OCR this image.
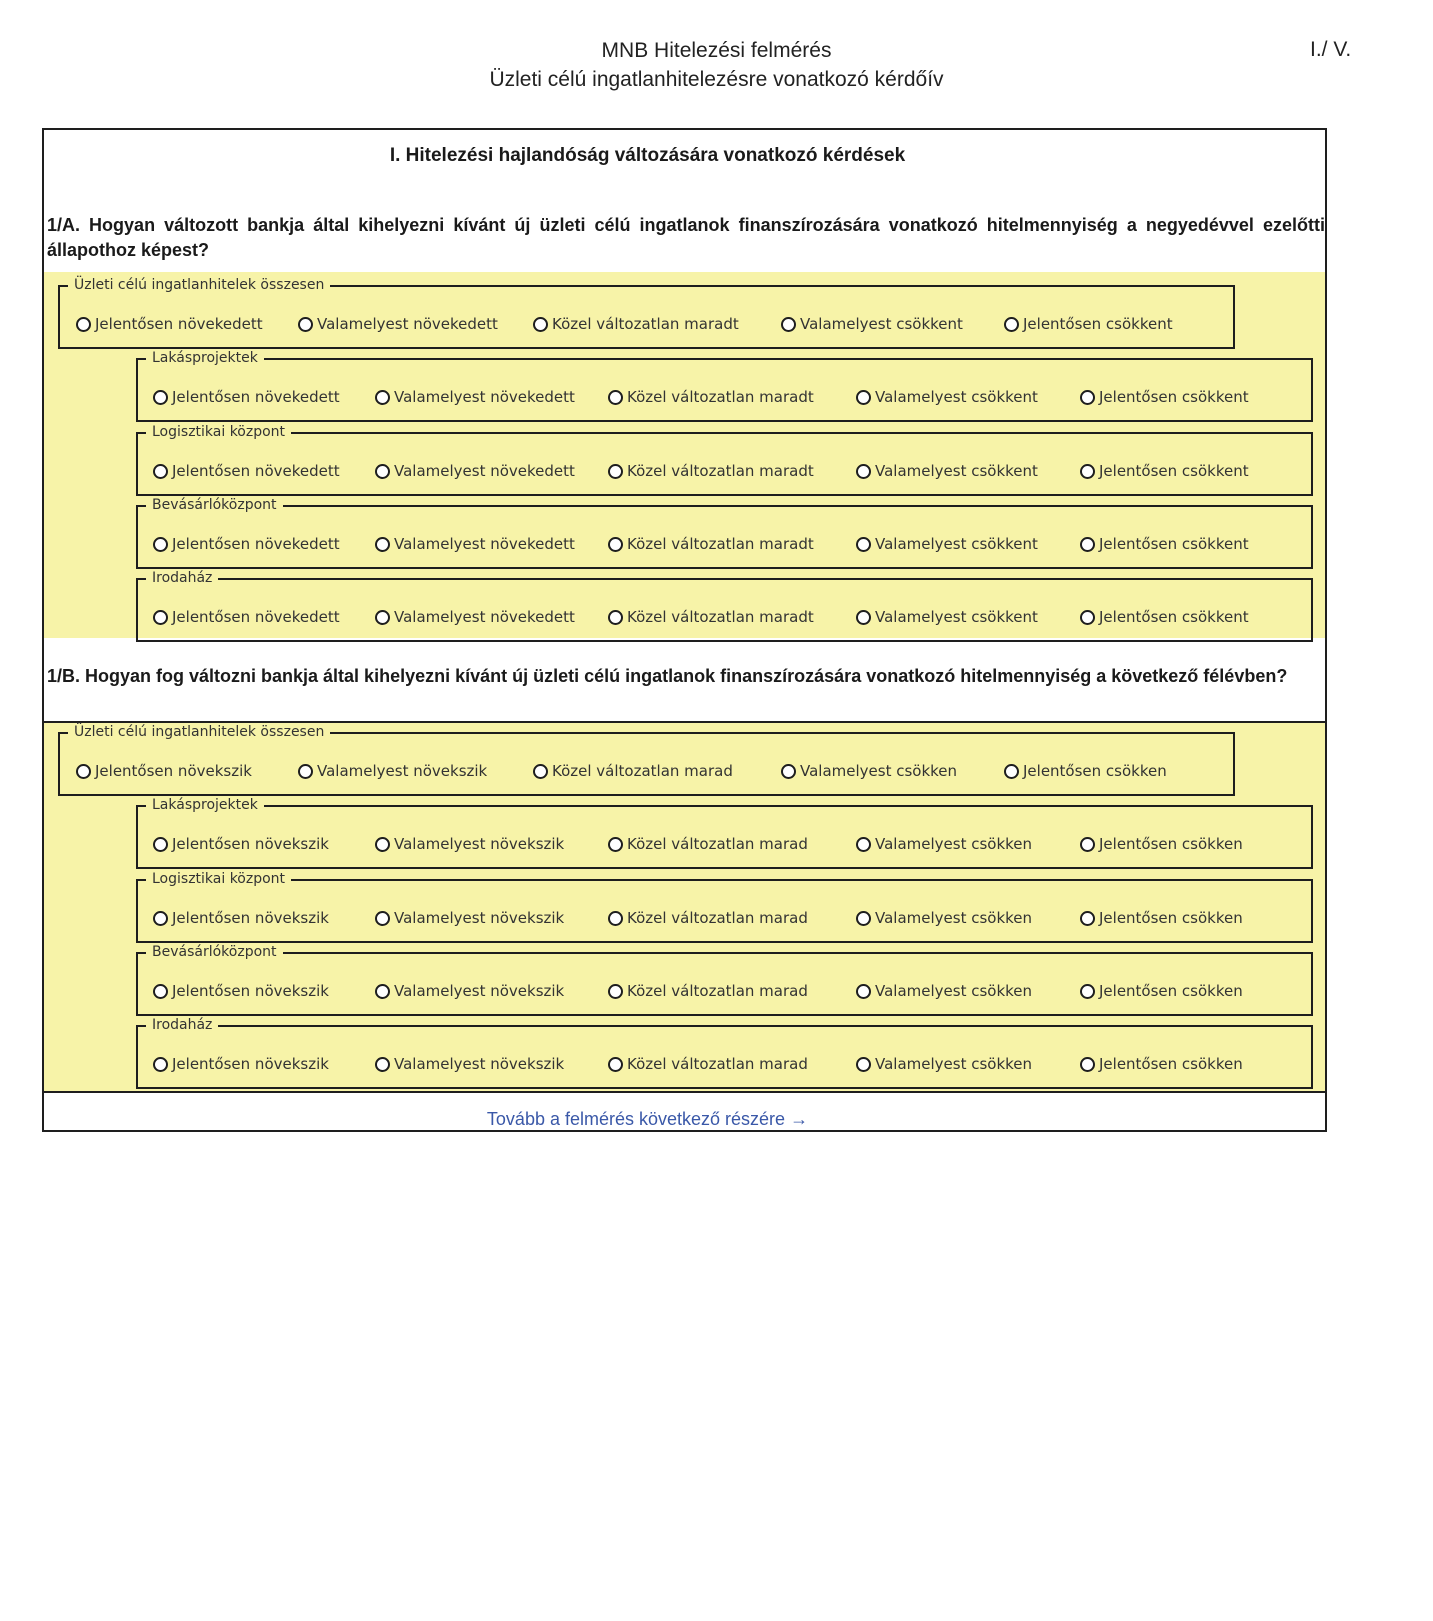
MNB Hitelezési felmérés
Üzleti célú ingatlanhitelezésre vonatkozó kérdőív
I./ V.
I. Hitelezési hajlandóság változására vonatkozó kérdések
1/A. Hogyan változott bankja által kihelyezni kívánt új üzleti célú ingatlanok finanszírozására vonatkozó hitelmennyiség a negyedévvel ezelőtti állapothoz képest?
1/B. Hogyan fog változni bankja által kihelyezni kívánt új üzleti célú ingatlanok finanszírozására vonatkozó hitelmennyiség a következő félévben?
Tovább a felmérés következő részére →
Üzleti célú ingatlanhitelek összesen
Jelentősen növekedett	Valamelyest növekedett	Közel változatlan maradt	Valamelyest csökkent	Jelentősen csökkent
Lakásprojektek
Jelentősen növekedett	Valamelyest növekedett	Közel változatlan maradt	Valamelyest csökkent	Jelentősen csökkent
Logisztikai központ
Jelentősen növekedett	Valamelyest növekedett	Közel változatlan maradt	Valamelyest csökkent	Jelentősen csökkent
Bevásárlóközpont
Jelentősen növekedett	Valamelyest növekedett	Közel változatlan maradt	Valamelyest csökkent	Jelentősen csökkent
Irodaház
Jelentősen növekedett	Valamelyest növekedett	Közel változatlan maradt	Valamelyest csökkent	Jelentősen csökkent
Üzleti célú ingatlanhitelek összesen
Jelentősen növekszik	Valamelyest növekszik	Közel változatlan marad	Valamelyest csökken	Jelentősen csökken
Lakásprojektek
Jelentősen növekszik	Valamelyest növekszik	Közel változatlan marad	Valamelyest csökken	Jelentősen csökken
Logisztikai központ
Jelentősen növekszik	Valamelyest növekszik	Közel változatlan marad	Valamelyest csökken	Jelentősen csökken
Bevásárlóközpont
Jelentősen növekszik	Valamelyest növekszik	Közel változatlan marad	Valamelyest csökken	Jelentősen csökken
Irodaház
Jelentősen növekszik	Valamelyest növekszik	Közel változatlan marad	Valamelyest csökken	Jelentősen csökken
